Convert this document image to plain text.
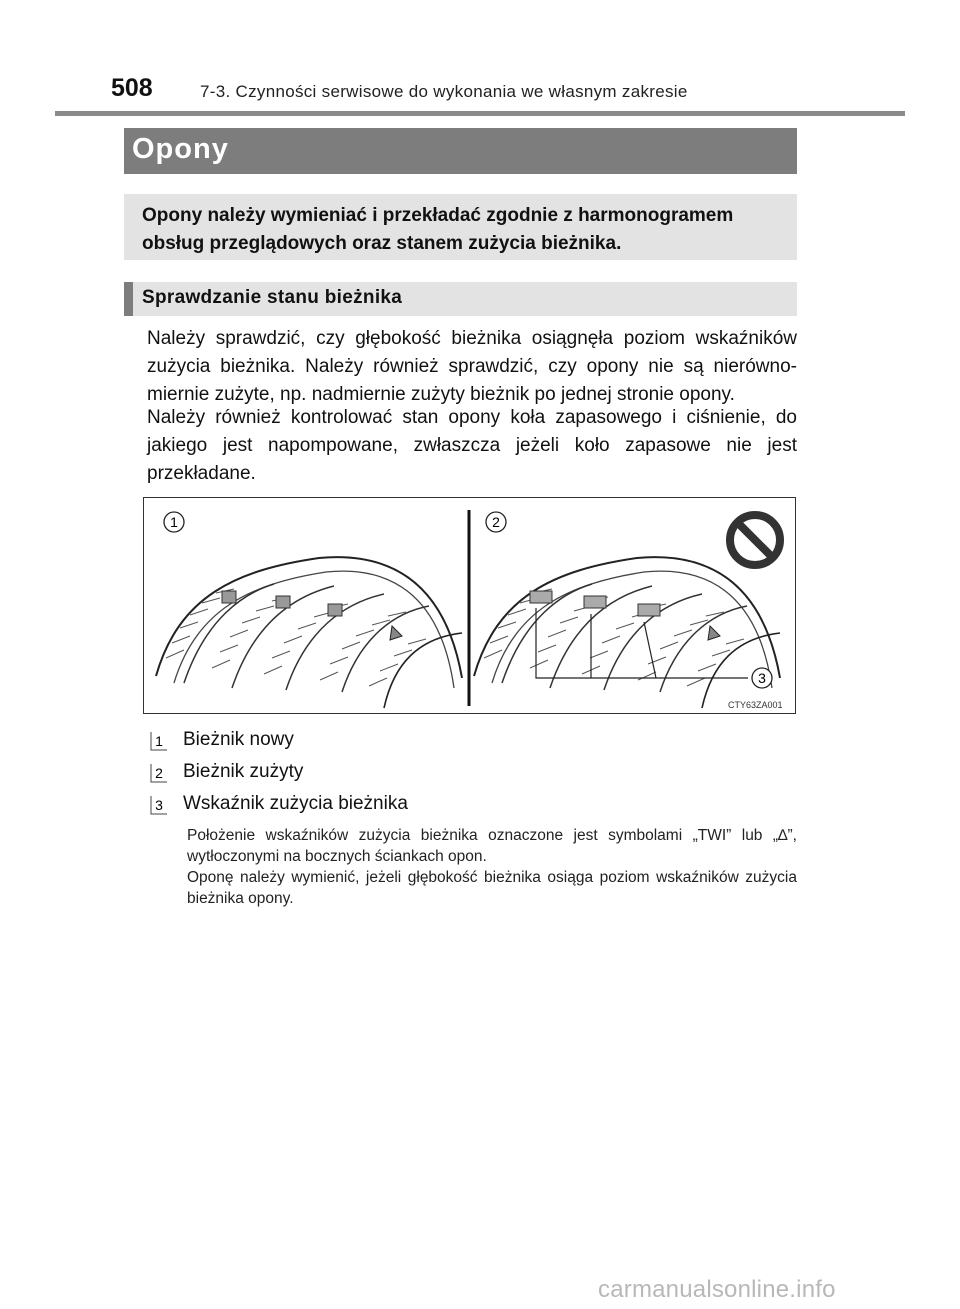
508	7-3. Czynności serwisowe do wykonania we własnym zakresie
Opony
Opony należy wymieniać i przekładać zgodnie z harmonogramem obsług przeglądowych oraz stanem zużycia bieżnika.
Sprawdzanie stanu bieżnika
Należy sprawdzić, czy głębokość bieżnika osiągnęła poziom wskaźników zużycia bieżnika. Należy również sprawdzić, czy opony nie są nierównomiernie zużyte, np. nadmiernie zużyty bieżnik po jednej stronie opony.
Należy również kontrolować stan opony koła zapasowego i ciśnienie, do jakiego jest napompowane, zwłaszcza jeżeli koło zapasowe nie jest przekładane.
1	2
3
CTY63ZA001
1 Bieżnik nowy
2 Bieżnik zużyty
3 Wskaźnik zużycia bieżnika
Położenie wskaźników zużycia bieżnika oznaczone jest symbolami „TWI” lub „∆”, wytłoczonymi na bocznych ściankach opon.
Oponę należy wymienić, jeżeli głębokość bieżnika osiąga poziom wskaźników zużycia bieżnika opony.
carmanualsonline.info
